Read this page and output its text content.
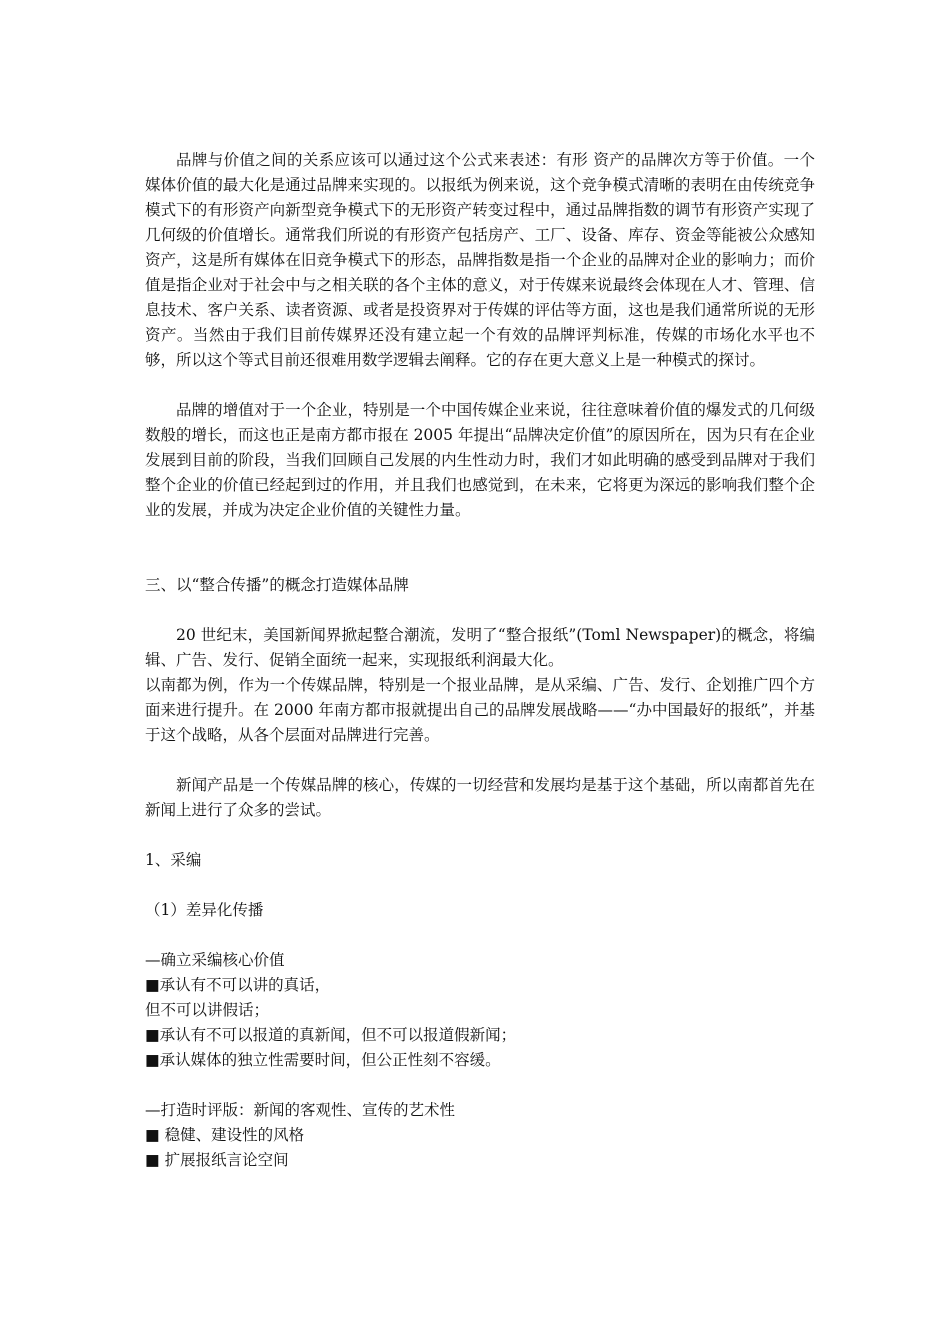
品牌与价值之间的关系应该可以通过这个公式来表述：有形 资产的品牌次方等于价值。一个媒体价值的最大化是通过品牌来实现的。以报纸为例来说，这个竞争模式清晰的表明在由传统竞争模式下的有形资产向新型竞争模式下的无形资产转变过程中，通过品牌指数的调节有形资产实现了几何级的价值增长。通常我们所说的有形资产包括房产、工厂、设备、库存、资金等能被公众感知资产，这是所有媒体在旧竞争模式下的形态，品牌指数是指一个企业的品牌对企业的影响力；而价值是指企业对于社会中与之相关联的各个主体的意义，对于传媒来说最终会体现在人才、管理、信息技术、客户关系、读者资源、或者是投资界对于传媒的评估等方面，这也是我们通常所说的无形资产。当然由于我们目前传媒界还没有建立起一个有效的品牌评判标准，传媒的市场化水平也不够，所以这个等式目前还很难用数学逻辑去阐释。它的存在更大意义上是一种模式的探讨。

品牌的增值对于一个企业，特别是一个中国传媒企业来说，往往意味着价值的爆发式的几何级数般的增长，而这也正是南方都市报在 2005 年提出“品牌决定价值”的原因所在，因为只有在企业发展到目前的阶段，当我们回顾自己发展的内生性动力时，我们才如此明确的感受到品牌对于我们整个企业的价值已经起到过的作用，并且我们也感觉到，在未来，它将更为深远的影响我们整个企业的发展，并成为决定企业价值的关键性力量。

三、以“整合传播”的概念打造媒体品牌

20 世纪末，美国新闻界掀起整合潮流，发明了“整合报纸”(Toml Newspaper)的概念，将编辑、广告、发行、促销全面统一起来，实现报纸利润最大化。

以南都为例，作为一个传媒品牌，特别是一个报业品牌，是从采编、广告、发行、企划推广四个方面来进行提升。在 2000 年南方都市报就提出自己的品牌发展战略——“办中国最好的报纸”，并基于这个战略，从各个层面对品牌进行完善。

新闻产品是一个传媒品牌的核心，传媒的一切经营和发展均是基于这个基础，所以南都首先在新闻上进行了众多的尝试。

1、采编

（1）差异化传播

—确立采编核心价值
■承认有不可以讲的真话，
但不可以讲假话；
■承认有不可以报道的真新闻，但不可以报道假新闻；
■承认媒体的独立性需要时间，但公正性刻不容缓。
—打造时评版：新闻的客观性、宣传的艺术性
■ 稳健、建设性的风格
■ 扩展报纸言论空间
